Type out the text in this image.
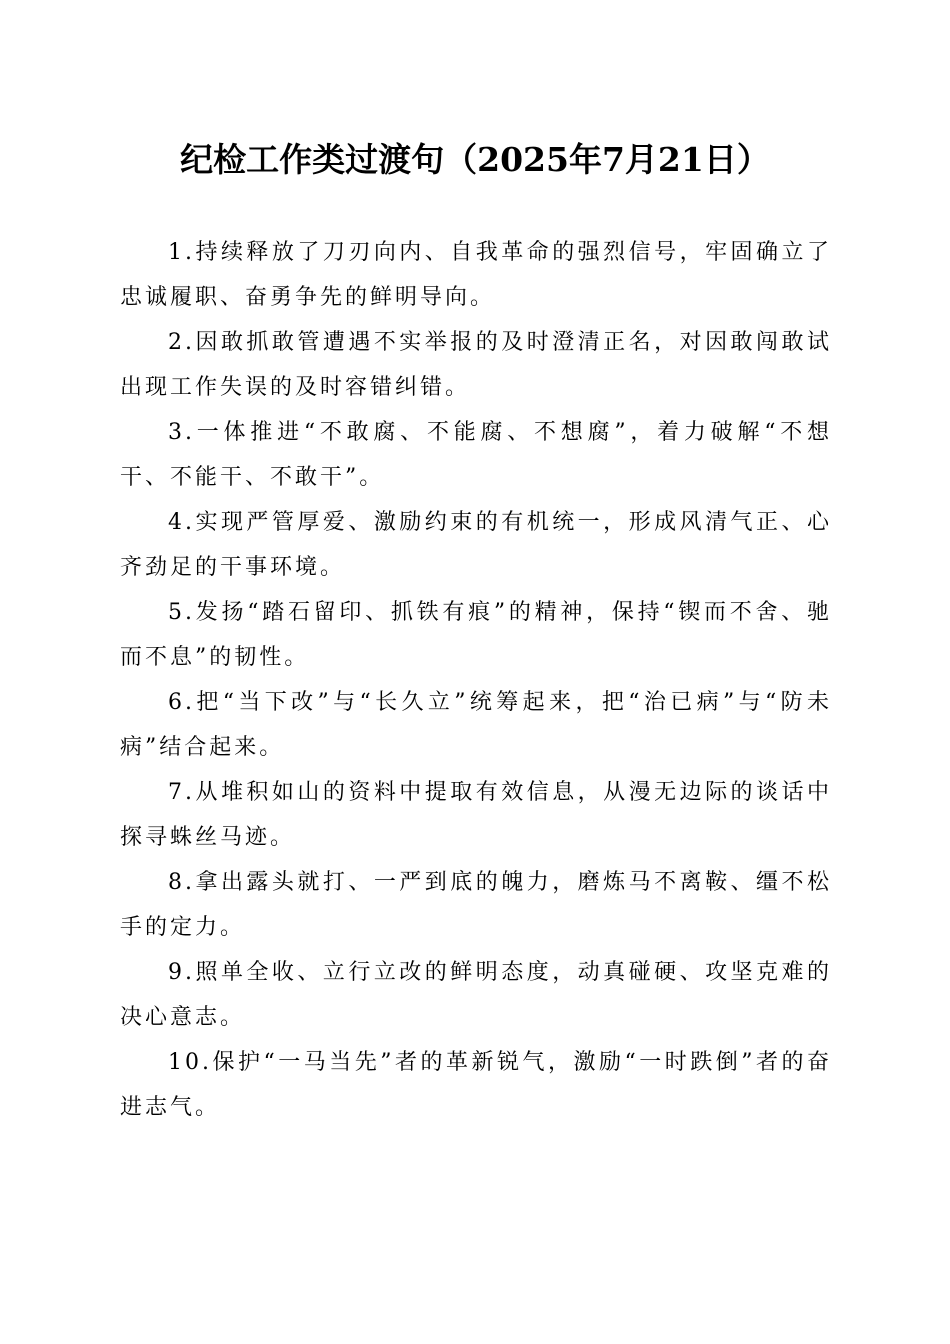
纪检工作类过渡句（2025年7月21日）
1.持续释放了刀刃向内、自我革命的强烈信号，牢固确立了忠诚履职、奋勇争先的鲜明导向。
2.因敢抓敢管遭遇不实举报的及时澄清正名，对因敢闯敢试出现工作失误的及时容错纠错。
3.一体推进“不敢腐、不能腐、不想腐”，着力破解“不想干、不能干、不敢干”。
4.实现严管厚爱、激励约束的有机统一，形成风清气正、心齐劲足的干事环境。
5.发扬“踏石留印、抓铁有痕”的精神，保持“锲而不舍、驰而不息”的韧性。
6.把“当下改”与“长久立”统筹起来，把“治已病”与“防未病”结合起来。
7.从堆积如山的资料中提取有效信息，从漫无边际的谈话中探寻蛛丝马迹。
8.拿出露头就打、一严到底的魄力，磨炼马不离鞍、缰不松手的定力。
9.照单全收、立行立改的鲜明态度，动真碰硬、攻坚克难的决心意志。
10.保护“一马当先”者的革新锐气，激励“一时跌倒”者的奋进志气。
